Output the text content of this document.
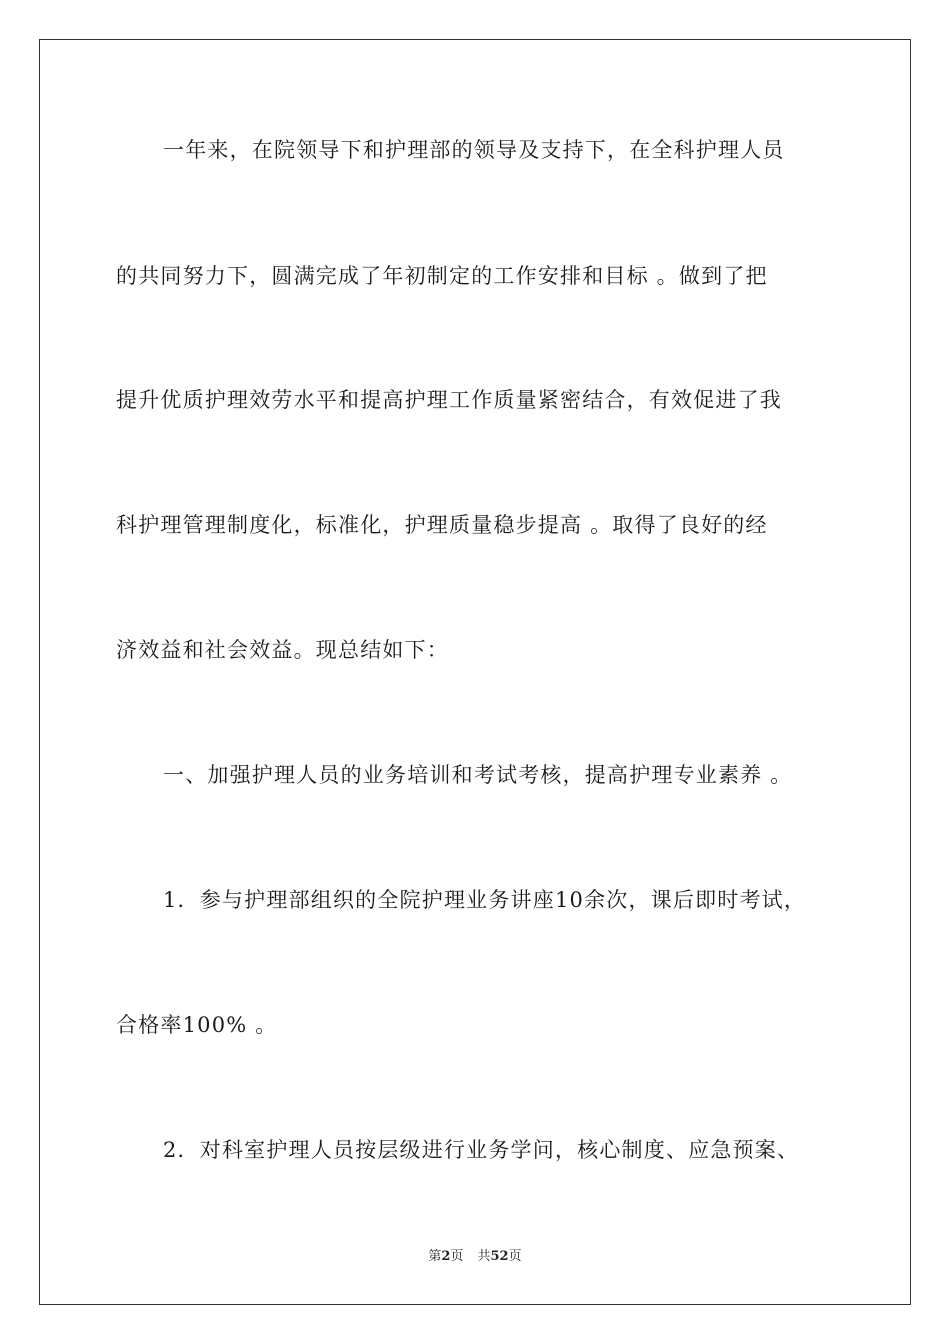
一年来，在院领导下和护理部的领导及支持下，在全科护理人员
的共同努力下，圆满完成了年初制定的工作安排和目标 。做到了把
提升优质护理效劳水平和提高护理工作质量紧密结合，有效促进了我
科护理管理制度化，标准化，护理质量稳步提高 。取得了良好的经
济效益和社会效益。现总结如下：
一、加强护理人员的业务培训和考试考核，提高护理专业素养 。
1．参与护理部组织的全院护理业务讲座10余次，课后即时考试，
合格率100% 。
2．对科室护理人员按层级进行业务学问，核心制度、应急预案、
第2页 共52页
